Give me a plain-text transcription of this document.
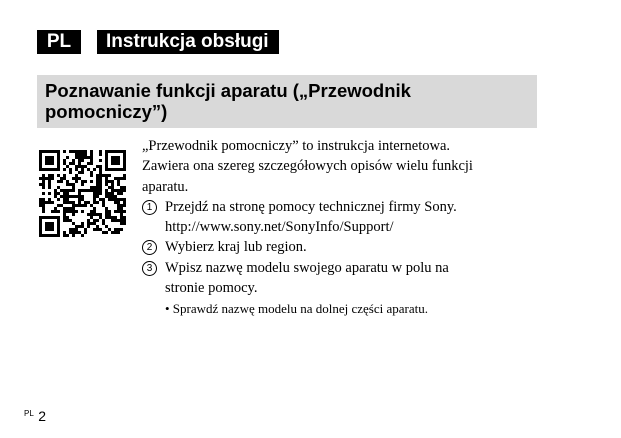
PL	Instrukcja obsługi
Poznawanie funkcji aparatu („Przewodnik pomocniczy”)

„Przewodnik pomocniczy” to instrukcja internetowa.

Zawiera ona szereg szczegółowych opisów wielu funkcji

aparatu.

1 Przejdź na stronę pomocy technicznej firmy Sony.
http://www.sony.net/SonyInfo/Support/
2 Wybierz kraj lub region.
3 Wpisz nazwę modelu swojego aparatu w polu na
stronie pomocy.
• Sprawdź nazwę modelu na dolnej części aparatu.
$^{PL}$ 2
